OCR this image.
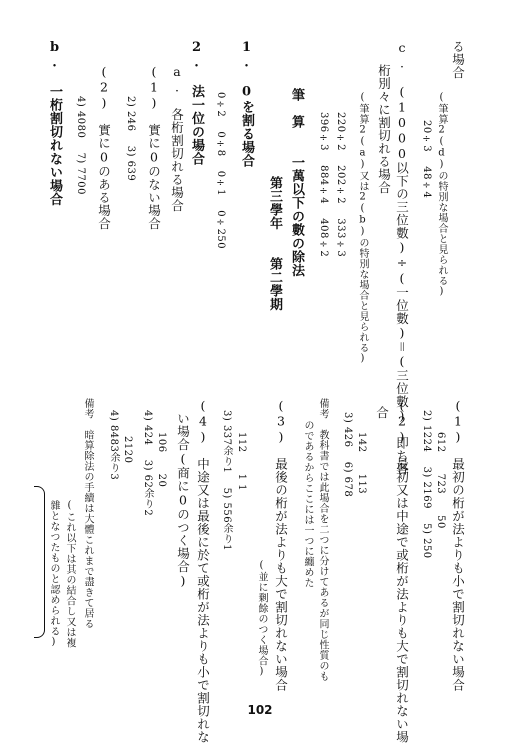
(1)　最初の桁が法よりも小で割切れない場合
612　　723　　50
2) 1224　 3) 2169　 5) 250
(2)　最初又は中途で或桁が法よりも大で割切れない場
合
142　　113
3) 426　 6) 678
備考　教科書では此場合を二つに分けてあるが同じ性質のも
のであるからここには一つに纏めた
(3)　最後の桁が法よりも大で割切れない場合
(並に剰餘のつく場合)
112　　1 1
3) 337余り1　 5) 556余り1
(4)　中途又は最後に於て或桁が法よりも小で割切れな
い場合(商に0のつく場合)
106　　20
4) 424　 3) 62余り2
2120
4) 8483余り3
備考　暗算除法の手續は大體これまで盡きて居る
(これ以下は其の結合し又は複
雜となつたものと認められる)
る場合
(筆算2(d)の特別な場合と見られる)
20÷3　 48÷4
c.　(1000以下の三位數)÷(一位數)＝(三位數)　即ち各
桁別々に割切れる場合
(筆算2(a)又は2(b)の特別な場合と見られる)
220÷2　 202÷2　 333÷3
396÷3　 884÷4　 408÷2
筆　算　　一萬以下の數の除法
第三學年　　第二學期
1.　0を割る場合
0÷2　 0÷8　 0÷1　 0÷250
2.　法一位の場合
a.　各桁割切れる場合
(1)　實に0のない場合
2) 246　 3) 639
(2)　實に0のある場合
4) 4080　 7) 7700
b.　一桁割切れない場合
102
